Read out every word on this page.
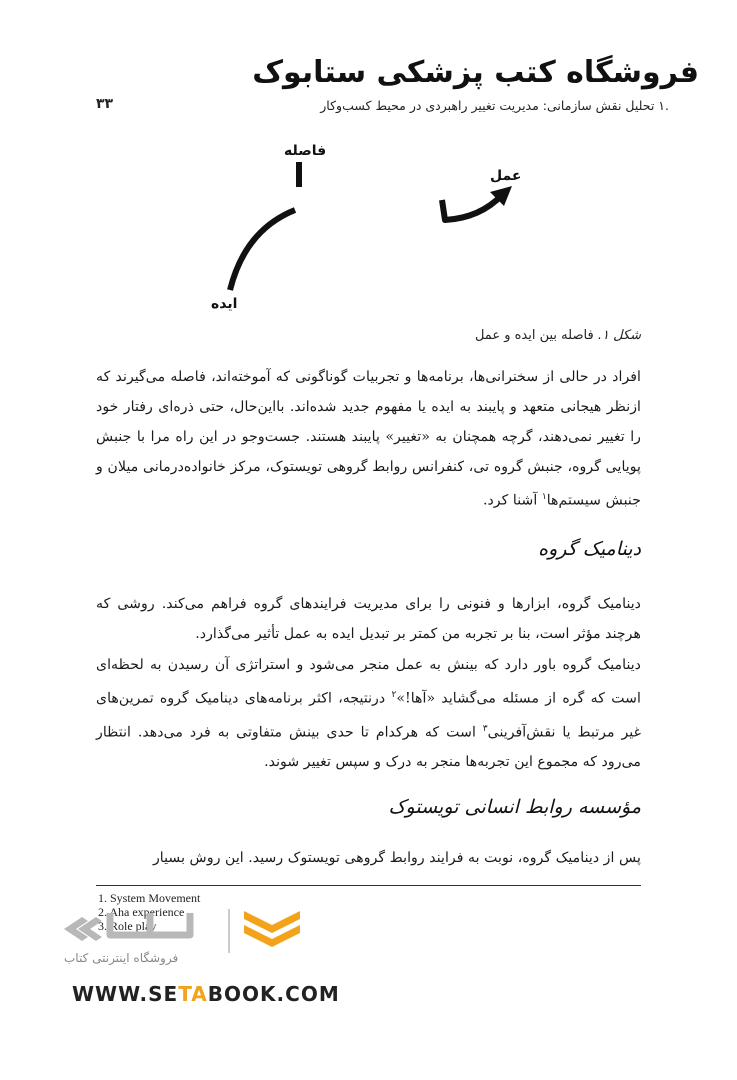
فروشگاه کتب پزشکی ستابوک
.۱ تحلیل نقش سازمانی: مدیریت تغییر راهبردی در محیط کسب‌وکار
۳۳
فاصله
عمل
ایده
شکل ۱. فاصله بین ایده و عمل
افراد در حالی از سخنرانی‌ها، برنامه‌ها و تجربیات گوناگونی که آموخته‌اند، فاصله می‌گیرند که ازنظر هیجانی متعهد و پایبند به ایده یا مفهوم جدید شده‌اند. بااین‌حال، حتی ذره‌ای رفتار خود را تغییر نمی‌دهند، گرچه همچنان به «تغییر» پایبند هستند. جست‌وجو در این راه مرا با جنبش پویایی گروه، جنبش گروه تی، کنفرانس روابط گروهی تویستوک، مرکز خانواده‌درمانی میلان و جنبش سیستم‌ها$^۱$ آشنا کرد.
دینامیک گروه
دینامیک گروه، ابزارها و فنونی را برای مدیریت فرایندهای گروه فراهم می‌کند. روشی که هرچند مؤثر است، بنا بر تجربه من کمتر بر تبدیل ایده به عمل تأثیر می‌گذارد.
دینامیک گروه باور دارد که بینش به عمل منجر می‌شود و استراتژی آن رسیدن به لحظه‌ای است که گره از مسئله می‌گشاید «آها!»$^۲$ درنتیجه، اکثر برنامه‌های دینامیک گروه تمرین‌های غیر مرتبط یا نقش‌آفرینی$^۳$ است که هرکدام تا حدی بینش متفاوتی به فرد می‌دهد. انتظار می‌رود که مجموع این تجربه‌ها منجر به درک و سپس تغییر شوند.
مؤسسه روابط انسانی تویستوک
پس از دینامیک گروه، نوبت به فرایند روابط گروهی تویستوک رسید. این روش بسیار
1. System Movement
2. Aha experience
3. Role play
فروشگاه اینترنتی کتاب
WWW.SETABOOK.COM
